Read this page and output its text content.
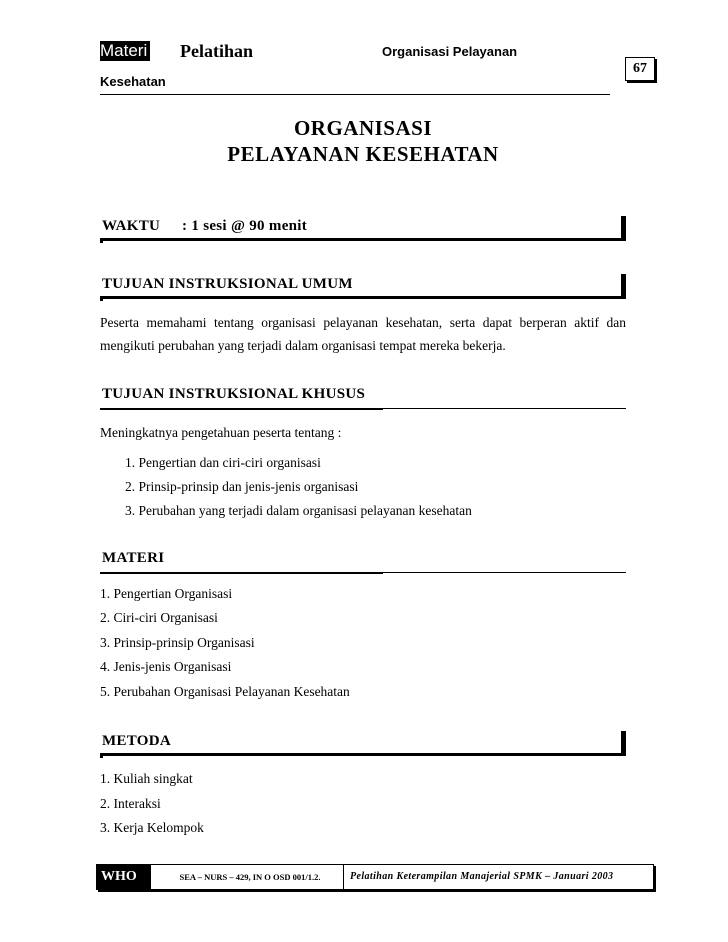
Materi Pelatihan	Organisasi Pelayanan
Kesehatan
67
ORGANISASI
PELAYANAN KESEHATAN
WAKTU : 1 sesi @ 90 menit
TUJUAN INSTRUKSIONAL UMUM
Peserta memahami tentang organisasi pelayanan kesehatan, serta dapat berperan aktif dan mengikuti perubahan yang terjadi dalam organisasi tempat mereka bekerja.
TUJUAN INSTRUKSIONAL KHUSUS
Meningkatnya pengetahuan peserta tentang :
1. Pengertian dan ciri-ciri organisasi
2. Prinsip-prinsip dan jenis-jenis organisasi
3. Perubahan yang terjadi dalam organisasi pelayanan kesehatan
MATERI
1. Pengertian Organisasi
2. Ciri-ciri Organisasi
3. Prinsip-prinsip Organisasi
4. Jenis-jenis Organisasi
5. Perubahan Organisasi Pelayanan Kesehatan
METODA
1. Kuliah singkat
2. Interaksi
3. Kerja Kelompok
WHO	SEA – NURS – 429, IN O OSD 001/1.2.	Pelatihan Keterampilan Manajerial SPMK – Januari 2003
